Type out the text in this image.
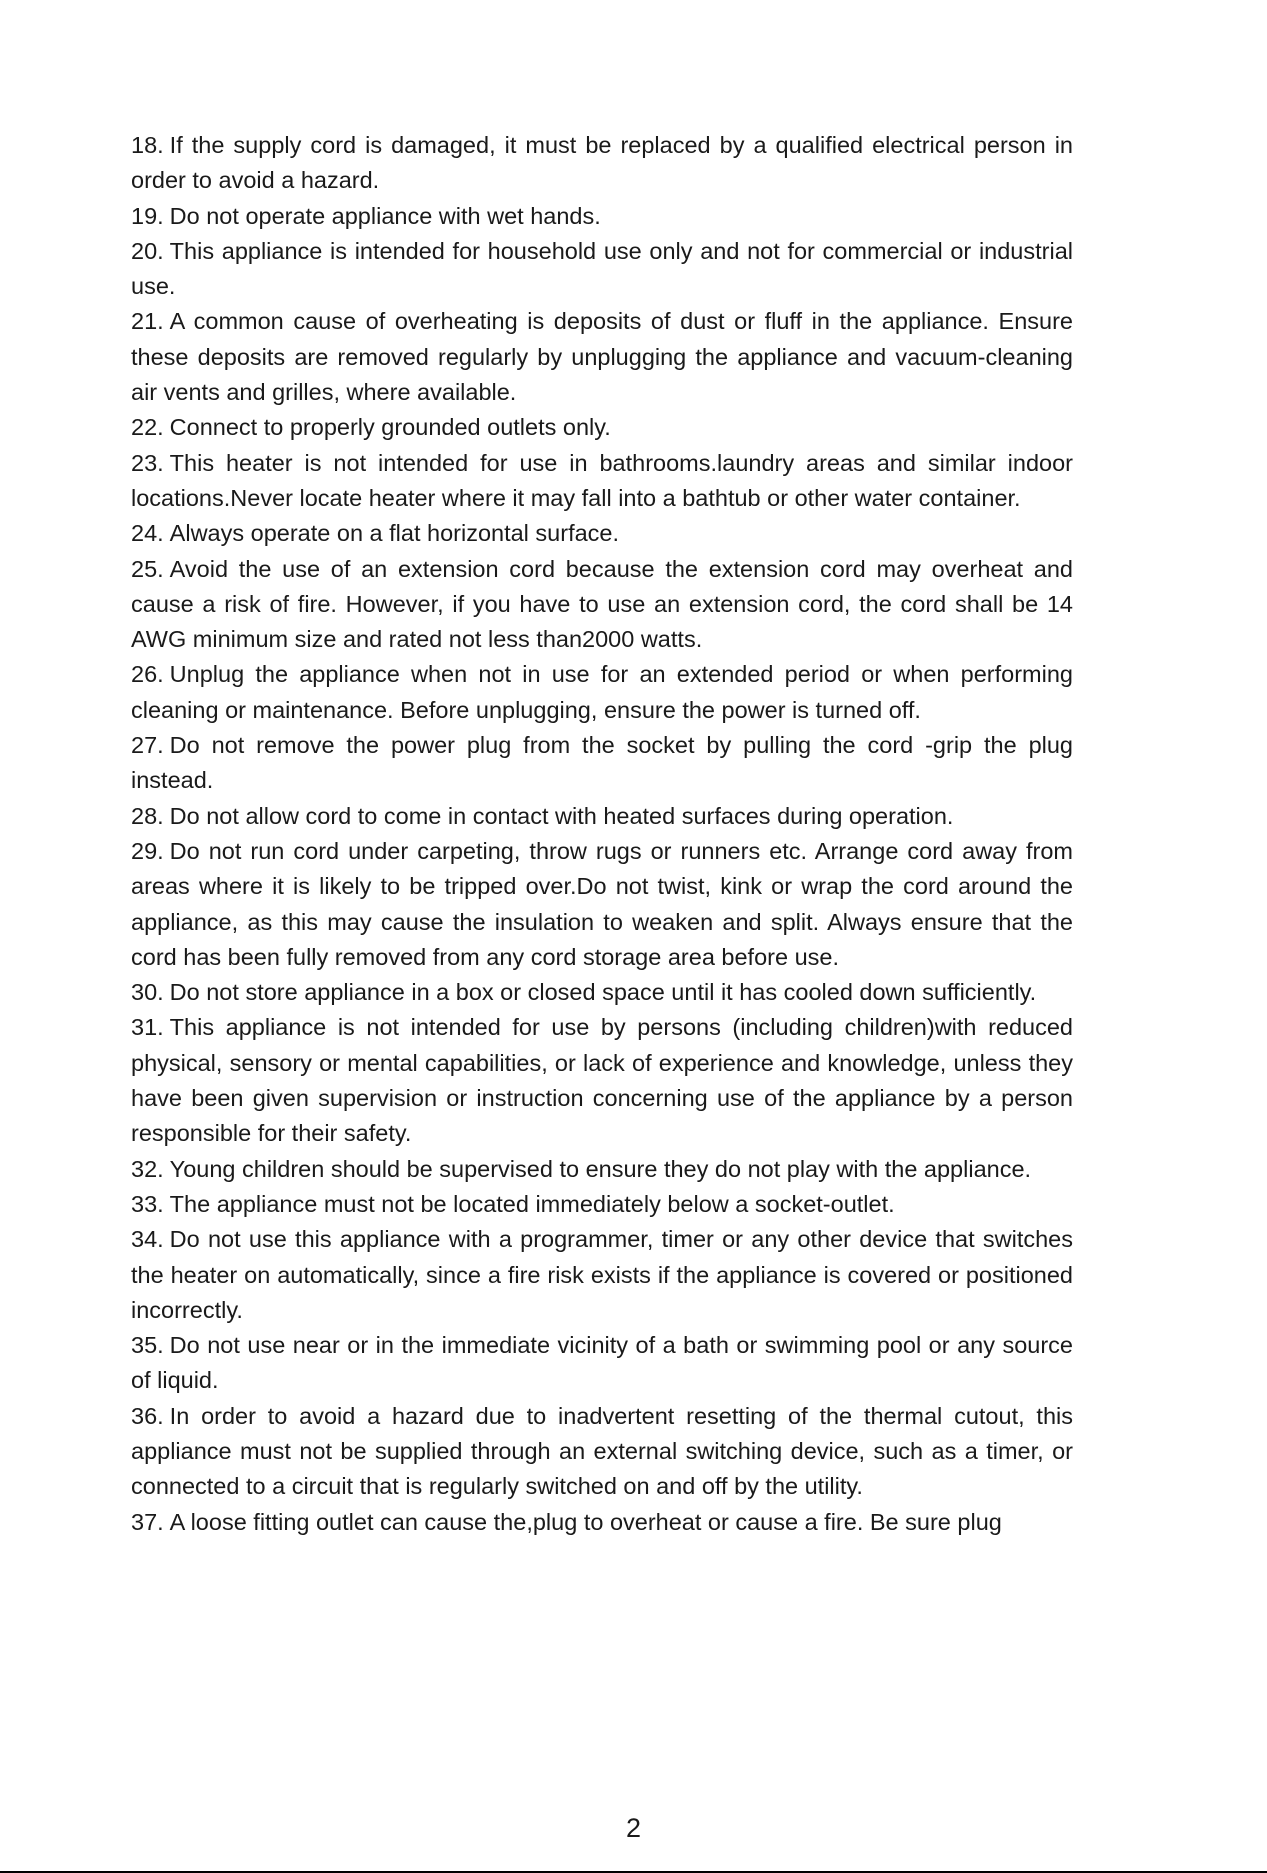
18. If the supply cord is damaged, it must be replaced by a qualified electrical person in order to avoid a hazard.

19. Do not operate appliance with wet hands.

20. This appliance is intended for household use only and not for commercial or industrial use.

21. A common cause of overheating is deposits of dust or fluff in the appliance. Ensure these deposits are removed regularly by unplugging the appliance and vacuum-cleaning air vents and grilles, where available.

22. Connect to properly grounded outlets only.

23. This heater is not intended for use in bathrooms.laundry areas and similar indoor locations.Never locate heater where it may fall into a bathtub or other water container.

24. Always operate on a flat horizontal surface.

25. Avoid the use of an extension cord because the extension cord may overheat and cause a risk of fire. However, if you have to use an extension cord, the cord shall be 14 AWG minimum size and rated not less than2000 watts.

26. Unplug the appliance when not in use for an extended period or when performing cleaning or maintenance. Before unplugging, ensure the power is turned off.

27. Do not remove the power plug from the socket by pulling the cord -grip the plug instead.

28. Do not allow cord to come in contact with heated surfaces during operation.

29. Do not run cord under carpeting, throw rugs or runners etc. Arrange cord away from areas where it is likely to be tripped over.Do not twist, kink or wrap the cord around the appliance, as this may cause the insulation to weaken and split. Always ensure that the cord has been fully removed from any cord storage area before use.

30. Do not store appliance in a box or closed space until it has cooled down sufficiently.

31. This appliance is not intended for use by persons (including children)with reduced physical, sensory or mental capabilities, or lack of experience and knowledge, unless they have been given supervision or instruction concerning use of the appliance by a person responsible for their safety.

32. Young children should be supervised to ensure they do not play with the appliance.

33. The appliance must not be located immediately below a socket-outlet.

34. Do not use this appliance with a programmer, timer or any other device that switches the heater on automatically, since a fire risk exists if the appliance is covered or positioned incorrectly.

35. Do not use near or in the immediate vicinity of a bath or swimming pool or any source of liquid.

36. In order to avoid a hazard due to inadvertent resetting of the thermal cutout, this appliance must not be supplied through an external switching device, such as a timer, or connected to a circuit that is regularly switched on and off by the utility.

37. A loose fitting outlet can cause the,plug to overheat or cause a fire. Be sure plug

2
